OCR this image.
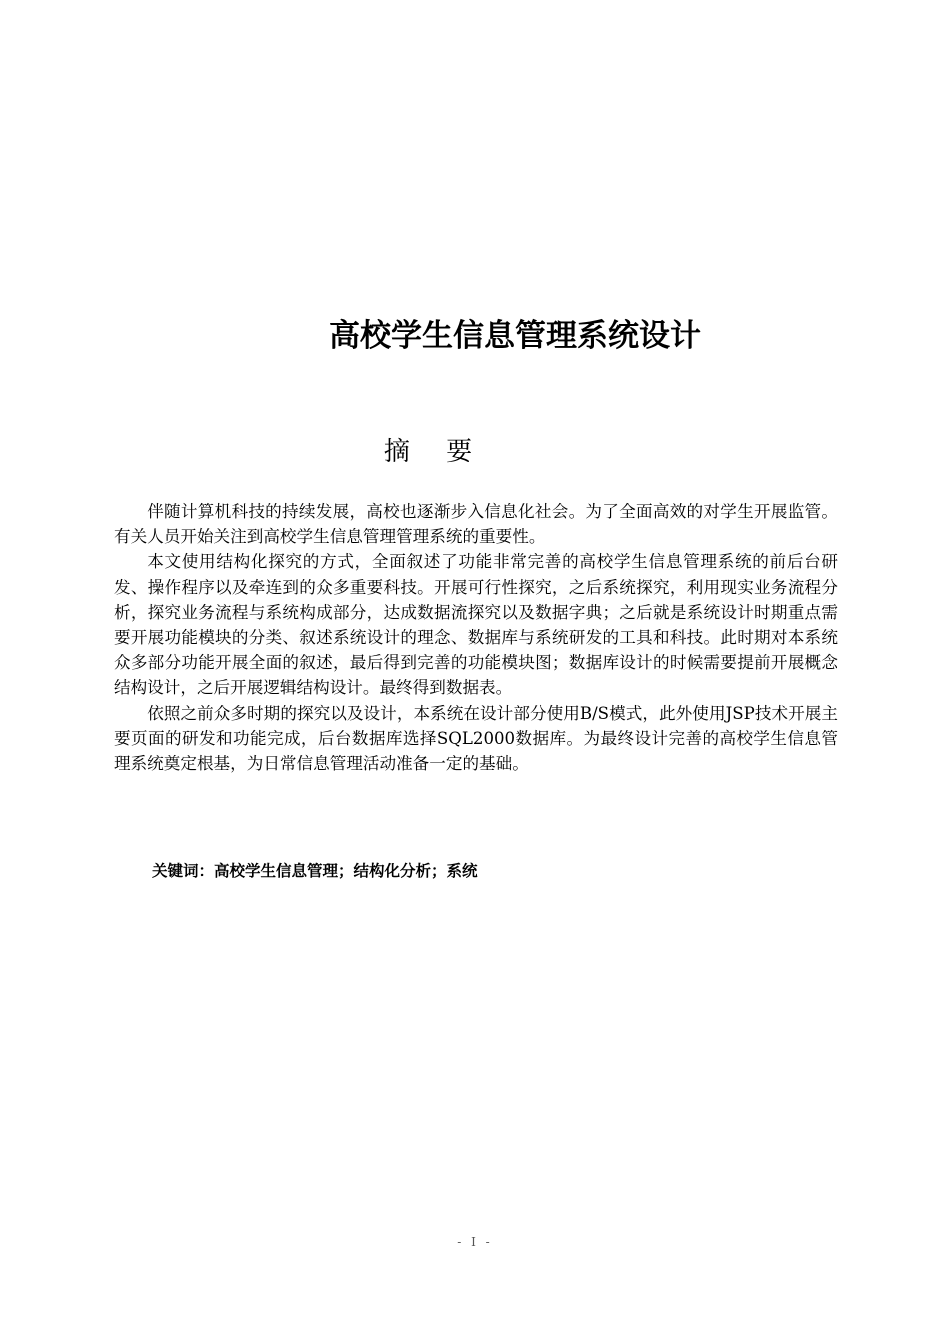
高校学生信息管理系统设计
摘 要

伴随计算机科技的持续发展，高校也逐渐步入信息化社会。为了全面高效的对学生开展监管。有关人员开始关注到高校学生信息管理管理系统的重要性。

本文使用结构化探究的方式，全面叙述了功能非常完善的高校学生信息管理系统的前后台研发、操作程序以及牵连到的众多重要科技。开展可行性探究，之后系统探究，利用现实业务流程分析，探究业务流程与系统构成部分，达成数据流探究以及数据字典；之后就是系统设计时期重点需要开展功能模块的分类、叙述系统设计的理念、数据库与系统研发的工具和科技。此时期对本系统众多部分功能开展全面的叙述，最后得到完善的功能模块图；数据库设计的时候需要提前开展概念结构设计，之后开展逻辑结构设计。最终得到数据表。

依照之前众多时期的探究以及设计，本系统在设计部分使用B/S模式，此外使用JSP技术开展主要页面的研发和功能完成，后台数据库选择SQL2000数据库。为最终设计完善的高校学生信息管理系统奠定根基，为日常信息管理活动准备一定的基础。

关键词：高校学生信息管理；结构化分析；系统
- I -
